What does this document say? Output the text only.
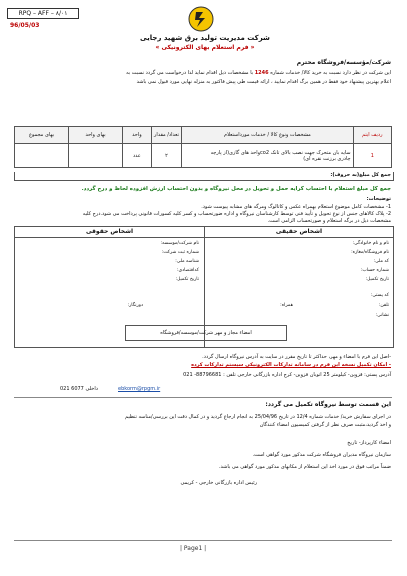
RPQ – AFF – ۸/۰۱
96/05/03
شرکت مدیریت تولید برق شهید رجایی
« فرم استعلام بهای الکترونیکی »
شرکت/مؤسسه/فروشگاه محترم
این شرکت در نظر دارد نسبت به خرید کالا/ خدمات شماره 1246 با مشخصات ذیل اقدام نماید لذا درخواست می گردد نسبت به
اعلام بهترین پیشنهاد خود فقط در همین برگ اقدام نمایید ، ارائه قیمت طی پیش فاکتور به منزله نهایی مورد قبول نمی باشد
ردیف ایتم	مشخصات ونوع کالا / خدمات مورداستعلام	تعداد/ مقدار	واحد	بهای واحد	بهای مجموع
1	سایه بان متحرک جهت نصب بالای تانک co2واحد های گازی(از پارچه
چادری برزنت نقره ای)	۲	عدد		
جمع کل مبلغ(به حروف):
جمع کل مبلغ استعلام با احتساب کرایه حمل و تحویل در محل نیروگاه و بدون احتساب ارزش افزوده لحاظ و درج گردد.
توضیحات:
1- مشخصات کامل موضوع استعلام بهمراه عکس و کاتالوگ ومرگه های مشابه پیوست شود.
2- پلاک کالاهای جنس از نوع تحویل و تأیید فنی توسط کارشناسان نیروگاه و اداره ضورتحساب و کسر کلیه کسورات قانونی پرداخت می شود.درج کلیه
مشخصات ذیل در برگه استعلام و صورتحساب الزامی است.
اشخاص حقیقی
اشخاص حقوقی
نام و نام خانوادگی:
نام فروشگاه/مغازه:
کد ملی:
شماره حساب:
تاریخ تکمیل:
نام شرکت/موسسه:
شماره ثبت شرکت:
شناسه ملی:
کداقتصادی:
تاریخ تکمیل:
کد پستی:
تلفن:
همراه:
دورنگار:
نشانی:
امضاء مجاز و مهر شرکت/موسسه/فروشگاه
-اصل این فرم با امضاء و مهر، حداکثر تا تاریخ مقرر در سایت به آدرس نیروگاه ارسال گردد.
- امکان تکمیل نسخه این فرم در سامانه تدارکات الکترونیکی سیستم تدارکات کرده
آدرس پستی: قزوین- کیلومتر 25 اتوبان قزوین- کرج اداره بازرگانی خارجی تلفن : 88796681- 021
ebkorm@rpgm.ir
021 داخلی 6077
این قسمت توسط نیروگاه تکمیل می گردد:
در اجرای سفارش خرید/ خدمات شماره 12/4 در تاریخ 25/04/96 به انجام ارجاع گردید و در کمال دقت این بررسی/مناسه تنظیم
و اخذ گردید،مثبت صرف نظر از گرفتن کمیسیون امضاء کنندگان
امضاء کارپرداز- تاریخ
سازمان نیروگاه مدیران فروشگاه شرکت مذکور مورد گواهی است.
ضمناً مراتب فوق در مورد اخذ این استعلام از مکانهای مذکور مورد گواهی می باشد.
رئیس اداره بازرگانی خارجی - کریمی
| Page1 |
